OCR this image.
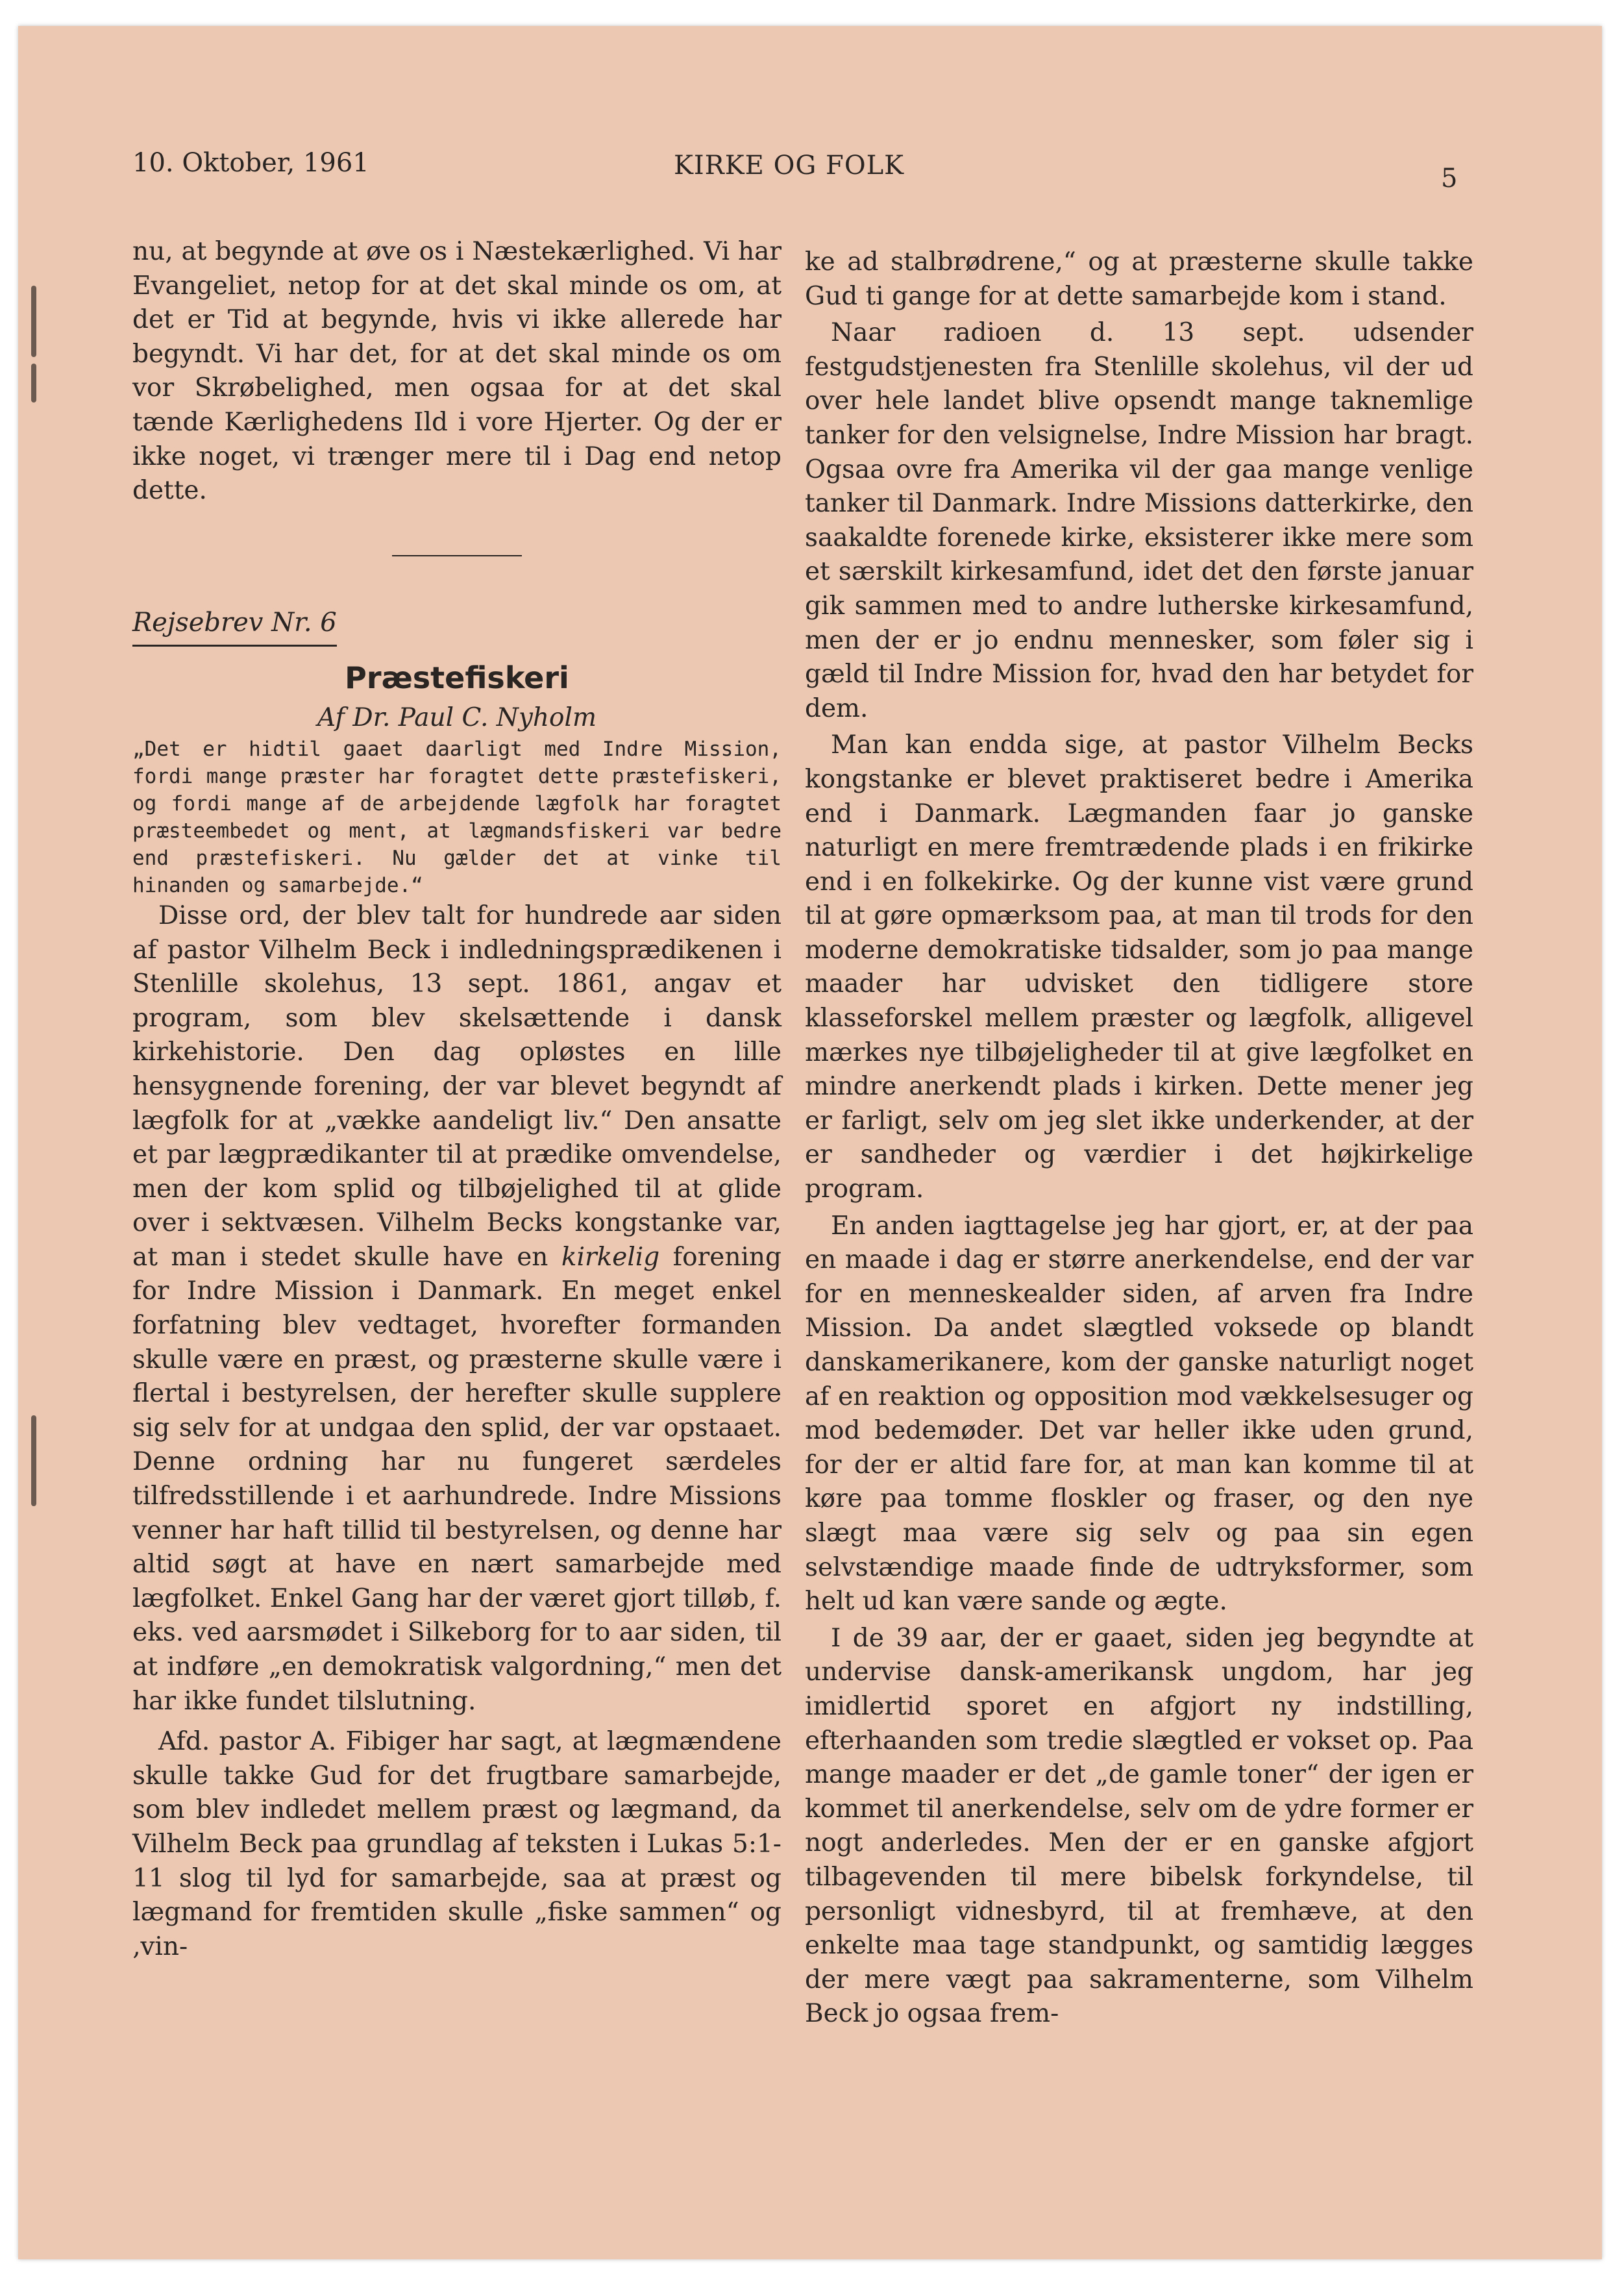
10. Oktober, 1961	KIRKE OG FOLK	5

nu, at begynde at øve os i Næstekærlighed. Vi har Evangeliet, netop for at det skal minde os om, at det er Tid at begynde, hvis vi ikke allerede har begyndt. Vi har det, for at det skal minde os om vor Skrøbelighed, men ogsaa for at det skal tænde Kærlighedens Ild i vore Hjerter. Og der er ikke noget, vi trænger mere til i Dag end netop dette.

Rejsebrev Nr. 6
Præstefiskeri

Af Dr. Paul C. Nyholm

„Det er hidtil gaaet daarligt med Indre Mission, fordi mange præster har foragtet dette præstefiskeri, og fordi mange af de arbejdende lægfolk har foragtet præsteembedet og ment, at lægmandsfiskeri var bedre end præstefiskeri. Nu gælder det at vinke til hinanden og samarbejde.“

Disse ord, der blev talt for hundrede aar siden af pastor Vilhelm Beck i indledningsprædikenen i Stenlille skolehus, 13 sept. 1861, angav et program, som blev skelsættende i dansk kirkehistorie. Den dag opløstes en lille hensygnende forening, der var blevet begyndt af lægfolk for at „vække aandeligt liv.“ Den ansatte et par lægprædikanter til at prædike omvendelse, men der kom splid og tilbøjelighed til at glide over i sektvæsen. Vilhelm Becks kongstanke var, at man i stedet skulle have en kirkelig forening for Indre Mission i Danmark. En meget enkel forfatning blev vedtaget, hvorefter formanden skulle være en præst, og præsterne skulle være i flertal i bestyrelsen, der herefter skulle supplere sig selv for at undgaa den splid, der var opstaaet. Denne ordning har nu fungeret særdeles tilfredsstillende i et aarhundrede. Indre Missions venner har haft tillid til bestyrelsen, og denne har altid søgt at have en nært samarbejde med lægfolket. Enkel Gang har der været gjort tilløb, f. eks. ved aarsmødet i Silkeborg for to aar siden, til at indføre „en demokratisk valgordning,“ men det har ikke fundet tilslutning.

Afd. pastor A. Fibiger har sagt, at lægmændene skulle takke Gud for det frugtbare samarbejde, som blev indledet mellem præst og lægmand, da Vilhelm Beck paa grundlag af teksten i Lukas 5:1-11 slog til lyd for samarbejde, saa at præst og lægmand for fremtiden skulle „fiske sammen“ og ‚vin-

ke ad stalbrødrene,“ og at præsterne skulle takke Gud ti gange for at dette samarbejde kom i stand.

Naar radioen d. 13 sept. udsender festgudstjenesten fra Stenlille skolehus, vil der ud over hele landet blive opsendt mange taknemlige tanker for den velsignelse, Indre Mission har bragt. Ogsaa ovre fra Amerika vil der gaa mange venlige tanker til Danmark. Indre Missions datterkirke, den saakaldte forenede kirke, eksisterer ikke mere som et særskilt kirkesamfund, idet det den første januar gik sammen med to andre lutherske kirkesamfund, men der er jo endnu mennesker, som føler sig i gæld til Indre Mission for, hvad den har betydet for dem.

Man kan endda sige, at pastor Vilhelm Becks kongstanke er blevet praktiseret bedre i Amerika end i Danmark. Lægmanden faar jo ganske naturligt en mere fremtrædende plads i en frikirke end i en folkekirke. Og der kunne vist være grund til at gøre opmærksom paa, at man til trods for den moderne demokratiske tidsalder, som jo paa mange maader har udvisket den tidligere store klasseforskel mellem præster og lægfolk, alligevel mærkes nye tilbøjeligheder til at give lægfolket en mindre anerkendt plads i kirken. Dette mener jeg er farligt, selv om jeg slet ikke underkender, at der er sandheder og værdier i det højkirkelige program.

En anden iagttagelse jeg har gjort, er, at der paa en maade i dag er større anerkendelse, end der var for en menneskealder siden, af arven fra Indre Mission. Da andet slægtled voksede op blandt danskamerikanere, kom der ganske naturligt noget af en reaktion og opposition mod vækkelsesuger og mod bedemøder. Det var heller ikke uden grund, for der er altid fare for, at man kan komme til at køre paa tomme floskler og fraser, og den nye slægt maa være sig selv og paa sin egen selvstændige maade finde de udtryksformer, som helt ud kan være sande og ægte.

I de 39 aar, der er gaaet, siden jeg begyndte at undervise dansk-amerikansk ungdom, har jeg imidlertid sporet en afgjort ny indstilling, efterhaanden som tredie slægtled er vokset op. Paa mange maader er det „de gamle toner“ der igen er kommet til anerkendelse, selv om de ydre former er nogt anderledes. Men der er en ganske afgjort tilbagevenden til mere bibelsk forkyndelse, til personligt vidnesbyrd, til at fremhæve, at den enkelte maa tage standpunkt, og samtidig lægges der mere vægt paa sakramenterne, som Vilhelm Beck jo ogsaa frem-
